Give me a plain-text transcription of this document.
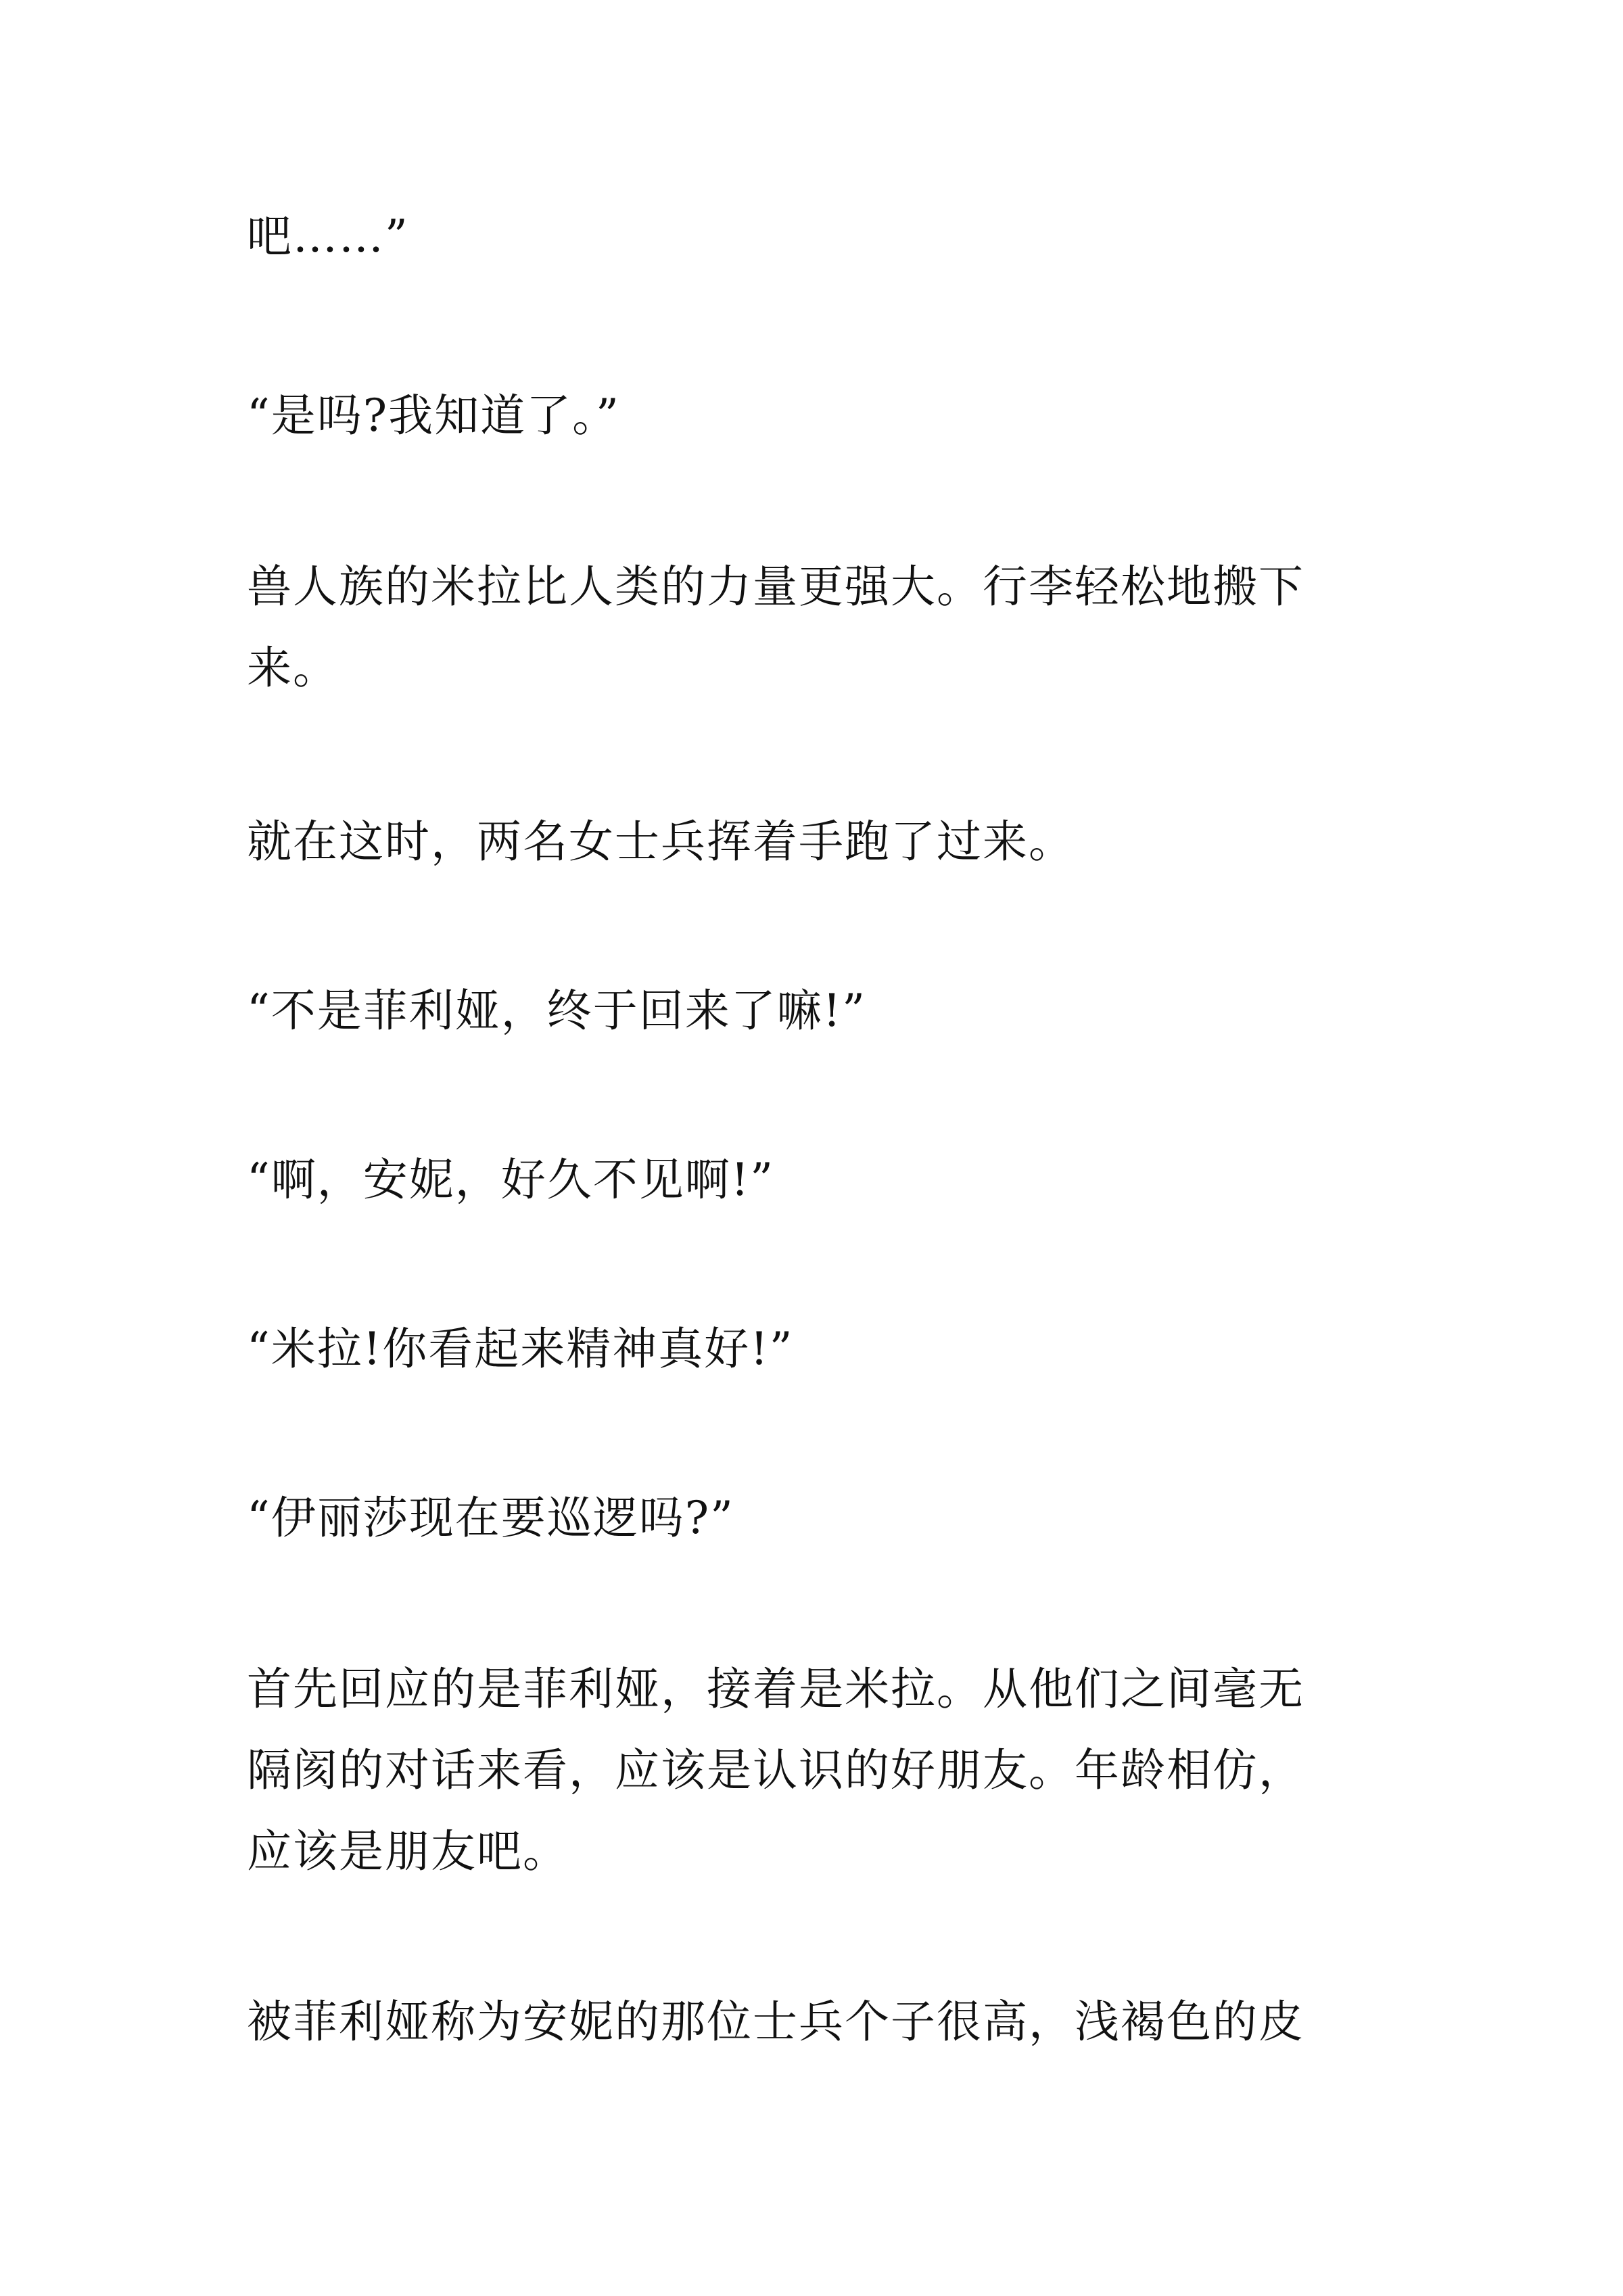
吧……”

“是吗?我知道了。”

兽人族的米拉比人类的力量更强大。行李轻松地搬下
来。

就在这时，两名女士兵挥着手跑了过来。

“不是菲利娅，终于回来了嘛!”

“啊，安妮，好久不见啊!”

“米拉!你看起来精神真好!”

“伊丽莎现在要巡逻吗?”

首先回应的是菲利娅，接着是米拉。从他们之间毫无
隔阂的对话来看，应该是认识的好朋友。年龄相仿，
应该是朋友吧。

被菲利娅称为安妮的那位士兵个子很高，浅褐色的皮
